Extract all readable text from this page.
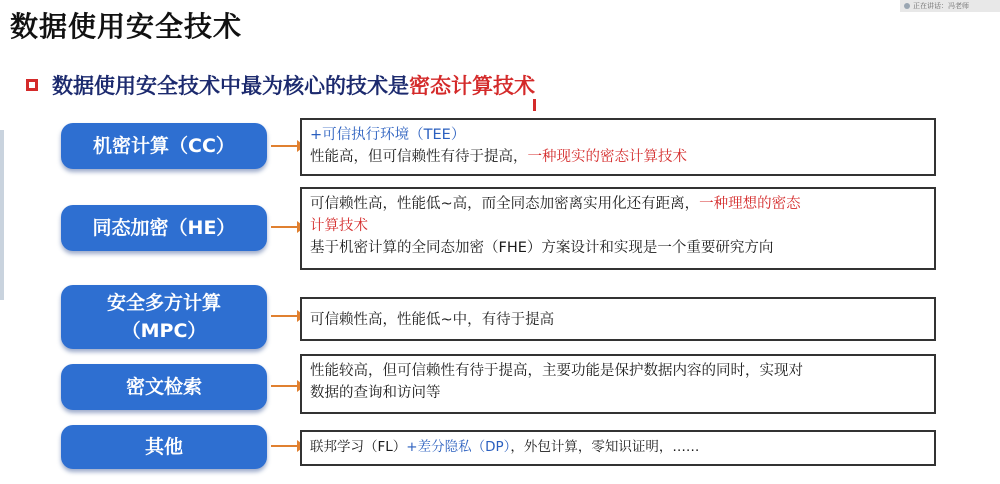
正在讲话：冯老师
数据使用安全技术
数据使用安全技术中最为核心的技术是密态计算技术
机密计算（CC）	+可信执行环境（TEE）
性能高，但可信赖性有待于提高，一种现实的密态计算技术
同态加密（HE）
可信赖性高，性能低~高，而全同态加密离实用化还有距离，一种理想的密态
计算技术
基于机密计算的全同态加密（FHE）方案设计和实现是一个重要研究方向
安全多方计算
（MPC）	可信赖性高，性能低~中，有待于提高
密文检索
性能较高，但可信赖性有待于提高，主要功能是保护数据内容的同时，实现对
数据的查询和访问等
其他	联邦学习（FL）+差分隐私（DP），外包计算，零知识证明，……
